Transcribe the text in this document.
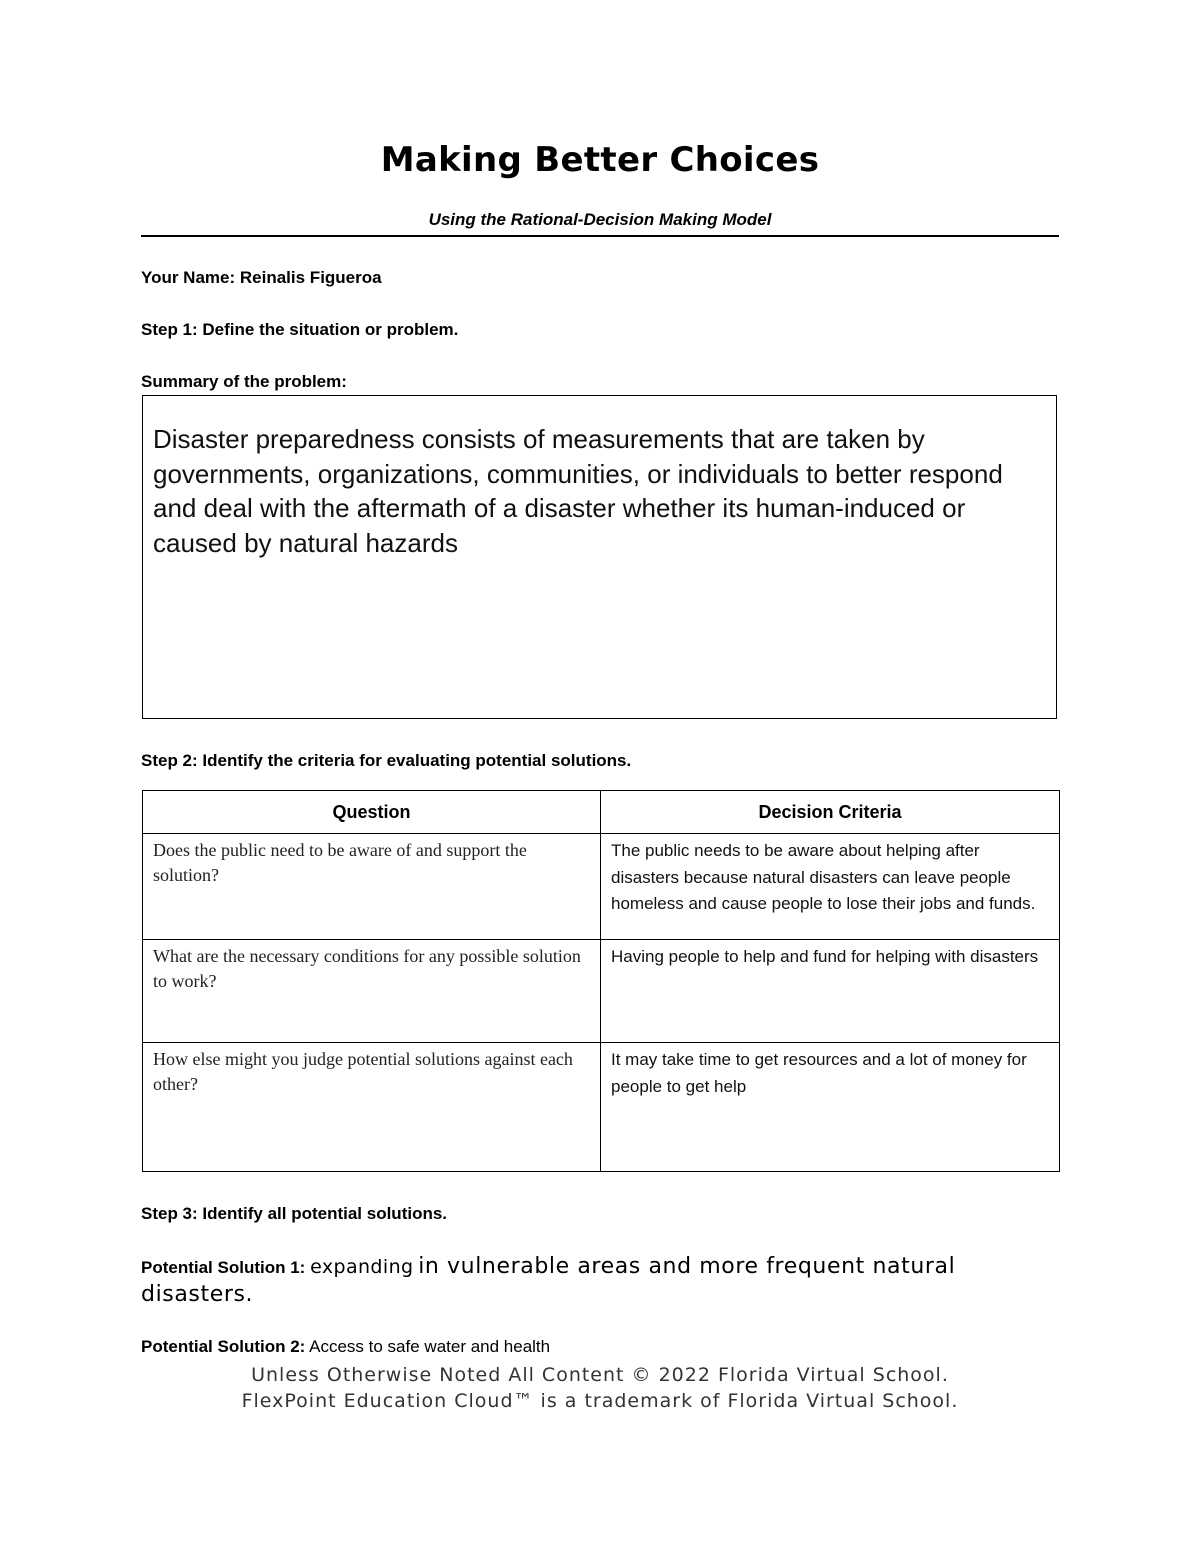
Making Better Choices
Using the Rational-Decision Making Model
Your Name: Reinalis Figueroa
Step 1: Define the situation or problem.
Summary of the problem:
Disaster preparedness consists of measurements that are taken by governments, organizations, communities, or individuals to better respond and deal with the aftermath of a disaster whether its human-induced or caused by natural hazards
Step 2: Identify the criteria for evaluating potential solutions.
Question	Decision Criteria
Does the public need to be aware of and support the solution?	The public needs to be aware about helping after disasters because natural disasters can leave people homeless and cause people to lose their jobs and funds.
What are the necessary conditions for any possible solution to work?	Having people to help and fund for helping with disasters
How else might you judge potential solutions against each other?	It may take time to get resources and a lot of money for people to get help
Step 3: Identify all potential solutions.
Potential Solution 1: expanding in vulnerable areas and more frequent natural disasters.
Potential Solution 2: Access to safe water and health
Unless Otherwise Noted All Content © 2022 Florida Virtual School.
FlexPoint Education Cloud™ is a trademark of Florida Virtual School.
